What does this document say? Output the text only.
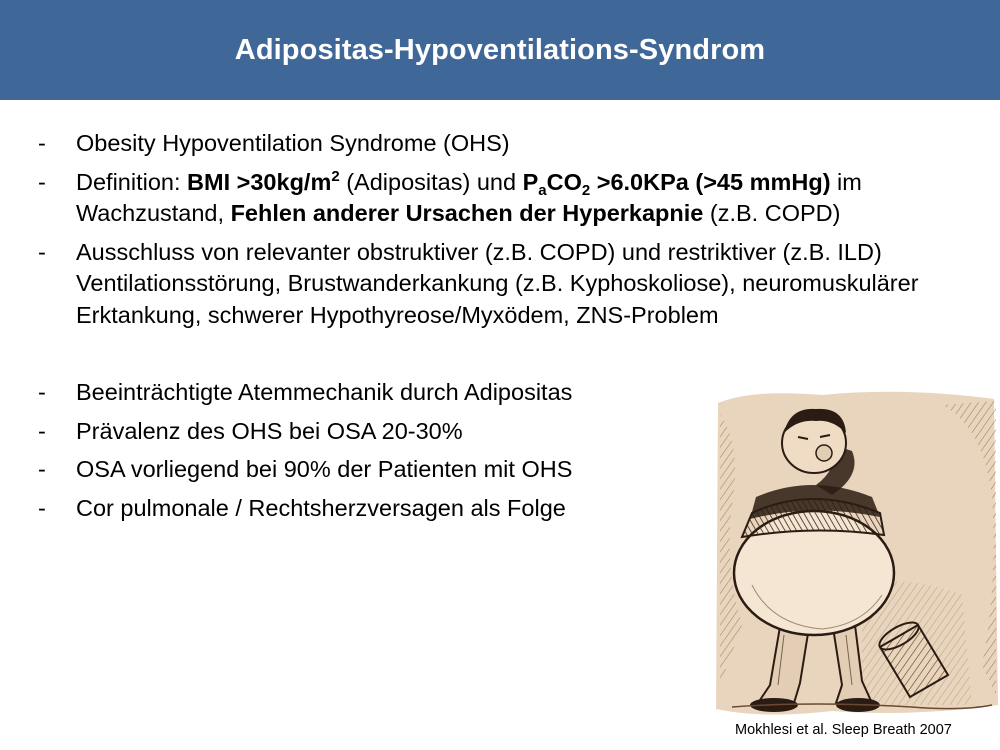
Adipositas-Hypoventilations-Syndrom
- Obesity Hypoventilation Syndrome (OHS)
- Definition: BMI $>30kg/m^2$ (Adipositas) und $P_aCO_2 >6.0KPa$ (>45 mmHg) im Wachzustand, Fehlen anderer Ursachen der Hyperkapnie (z.B. COPD)
- Ausschluss von relevanter obstruktiver (z.B. COPD) und restriktiver (z.B. ILD) Ventilationsstörung, Brustwanderkankung (z.B. Kyphoskoliose), neuromuskulärer Erktankung, schwerer Hypothyreose/Myxödem, ZNS-Problem
- Beeinträchtigte Atemmechanik durch Adipositas
- Prävalenz des OHS bei OSA 20-30%
- OSA vorliegend bei 90% der Patienten mit OHS
- Cor pulmonale / Rechtsherzversagen als Folge
Mokhlesi et al. Sleep Breath 2007
